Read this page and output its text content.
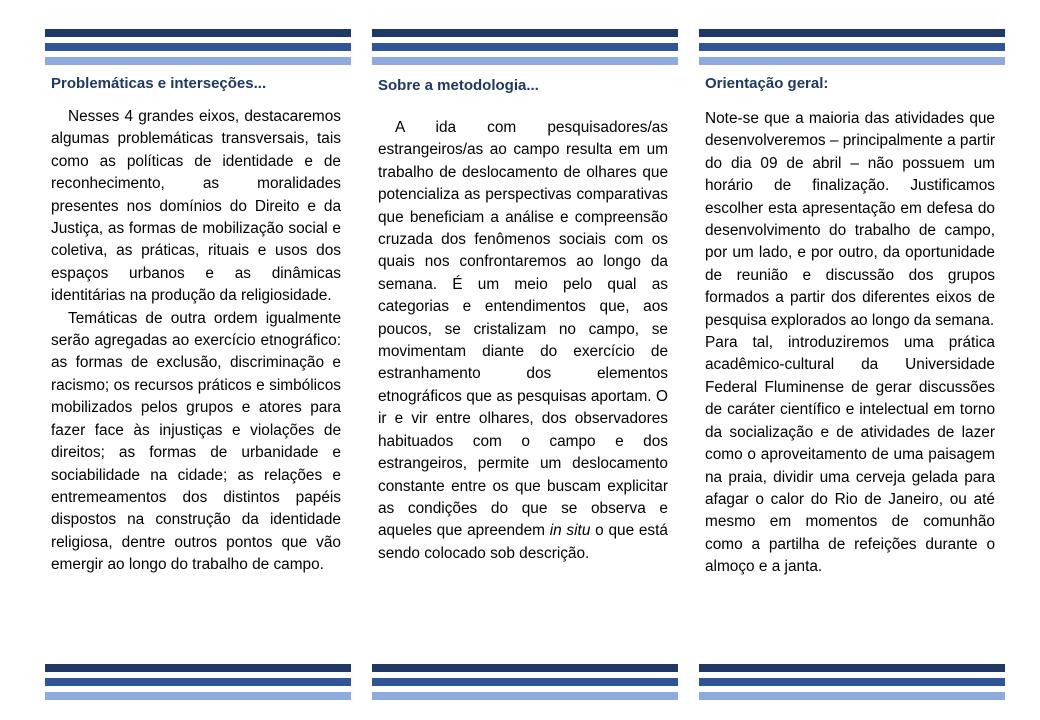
Problemáticas e interseções...

Nesses 4 grandes eixos, destacaremos algumas problemáticas transversais, tais como as políticas de identidade e de reconhecimento, as moralidades presentes nos domínios do Direito e da Justiça, as formas de mobilização social e coletiva, as práticas, rituais e usos dos espaços urbanos e as dinâmicas identitárias na produção da religiosidade.

Temáticas de outra ordem igualmente serão agregadas ao exercício etnográfico: as formas de exclusão, discriminação e racismo; os recursos práticos e simbólicos mobilizados pelos grupos e atores para fazer face às injustiças e violações de direitos; as formas de urbanidade e sociabilidade na cidade; as relações e entremeamentos dos distintos papéis dispostos na construção da identidade religiosa, dentre outros pontos que vão emergir ao longo do trabalho de campo.

Sobre a metodologia...

A ida com pesquisadores/as estrangeiros/as ao campo resulta em um trabalho de deslocamento de olhares que potencializa as perspectivas comparativas que beneficiam a análise e compreensão cruzada dos fenômenos sociais com os quais nos confrontaremos ao longo da semana. É um meio pelo qual as categorias e entendimentos que, aos poucos, se cristalizam no campo, se movimentam diante do exercício de estranhamento dos elementos etnográficos que as pesquisas aportam. O ir e vir entre olhares, dos observadores habituados com o campo e dos estrangeiros, permite um deslocamento constante entre os que buscam explicitar as condições do que se observa e aqueles que apreendem in situ o que está sendo colocado sob descrição.

Orientação geral:

Note-se que a maioria das atividades que desenvolveremos – principalmente a partir do dia 09 de abril – não possuem um horário de finalização. Justificamos escolher esta apresentação em defesa do desenvolvimento do trabalho de campo, por um lado, e por outro, da oportunidade de reunião e discussão dos grupos formados a partir dos diferentes eixos de pesquisa explorados ao longo da semana.

Para tal, introduziremos uma prática acadêmico-cultural da Universidade Federal Fluminense de gerar discussões de caráter científico e intelectual em torno da socialização e de atividades de lazer como o aproveitamento de uma paisagem na praia, dividir uma cerveja gelada para afagar o calor do Rio de Janeiro, ou até mesmo em momentos de comunhão como a partilha de refeições durante o almoço e a janta.
